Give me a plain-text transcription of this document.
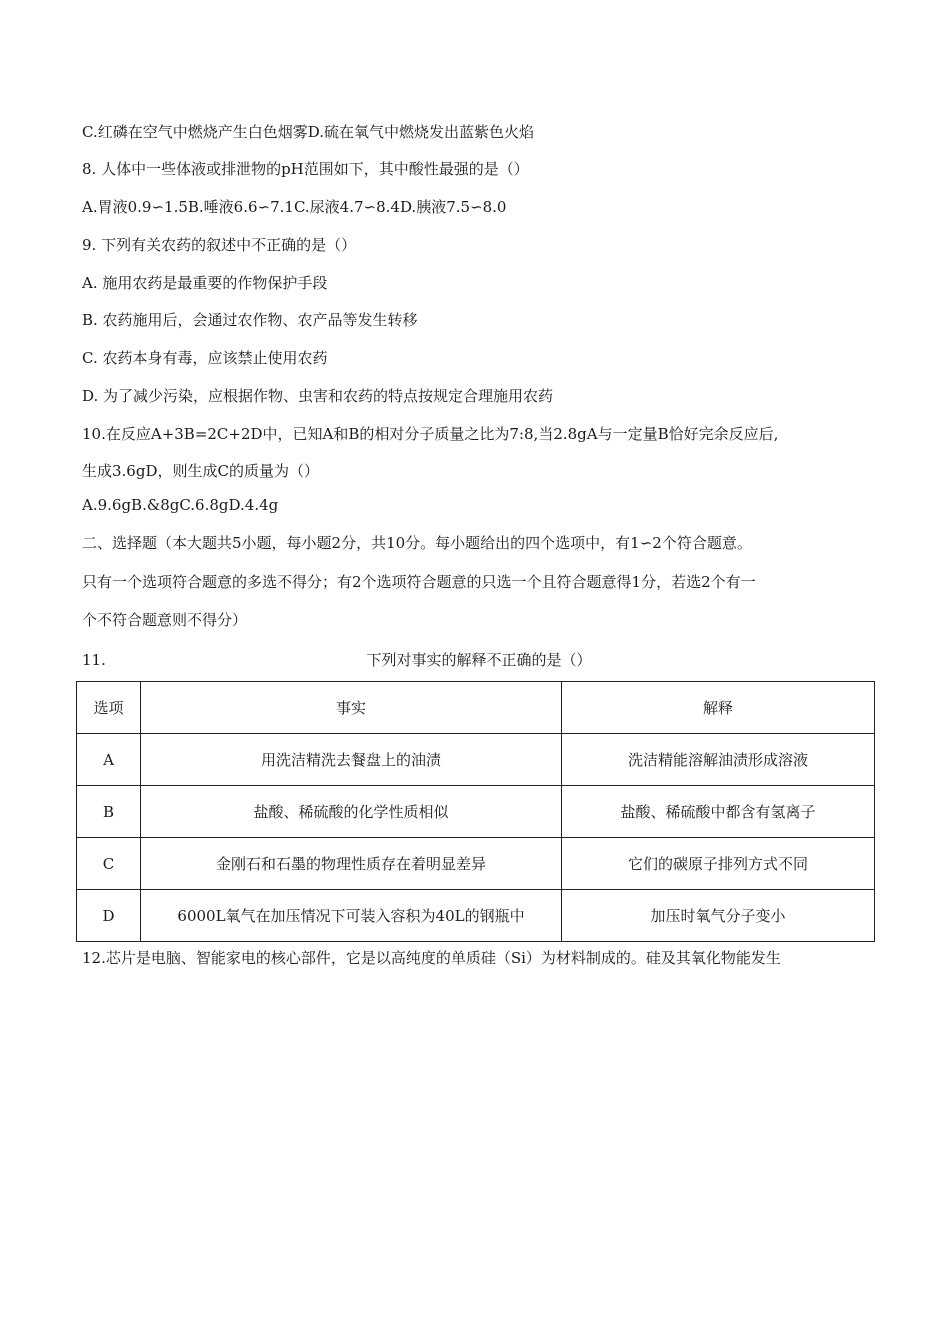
C.红磷在空气中燃烧产生白色烟雾D.硫在氧气中燃烧发出蓝紫色火焰
8. 人体中一些体液或排泄物的pH范围如下，其中酸性最强的是（）
A.胃液0.9∽1.5B.唾液6.6∽7.1C.尿液4.7∽8.4D.胰液7.5∽8.0
9. 下列有关农药的叙述中不正确的是（）
A. 施用农药是最重要的作物保护手段
B. 农药施用后，会通过农作物、农产品等发生转移
C. 农药本身有毒，应该禁止使用农药
D. 为了减少污染，应根据作物、虫害和农药的特点按规定合理施用农药
10.在反应A+3B=2C+2D中，已知A和B的相对分子质量之比为7:8,当2.8gA与一定量B恰好完余反应后,
生成3.6gD，则生成C的质量为（）
A.9.6gB.&8gC.6.8gD.4.4g
二、选择题（本大题共5小题，每小题2分，共10分。每小题给出的四个选项中，有1∽2个符合题意。
只有一个选项符合题意的多选不得分；有2个选项符合题意的只选一个且符合题意得1分，若选2个有一
个不符合题意则不得分）
11.	下列对事实的解释不正确的是（）
选项	事实	解释
A	用洗洁精洗去餐盘上的油渍	洗洁精能溶解油渍形成溶液
B	盐酸、稀硫酸的化学性质相似	盐酸、稀硫酸中都含有氢离子
C	金刚石和石墨的物理性质存在着明显差异	它们的碳原子排列方式不同
D	6000L氧气在加压情况下可装入容积为40L的钢瓶中	加压时氧气分子变小
12.芯片是电脑、智能家电的核心部件，它是以高纯度的单质硅（Si）为材料制成的。硅及其氧化物能发生
